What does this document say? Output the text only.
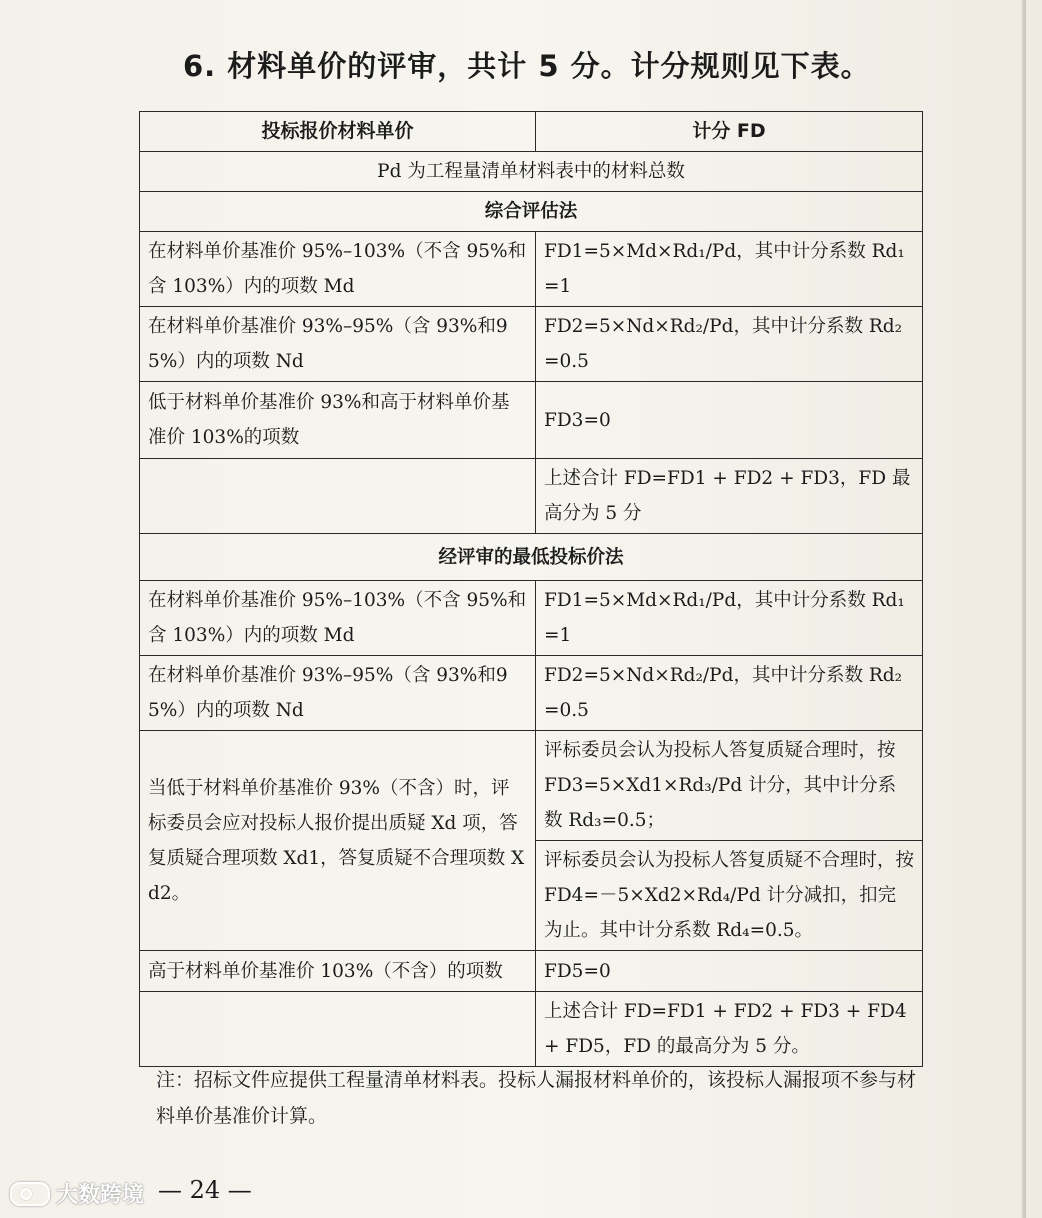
6. 材料单价的评审，共计 5 分。计分规则见下表。
投标报价材料单价	计分 FD
Pd 为工程量清单材料表中的材料总数	
综合评估法	
在材料单价基准价 95%–103%（不含 95%和含 103%）内的项数 Md	FD1=5×Md×Rd₁/Pd，其中计分系数 Rd₁=1
在材料单价基准价 93%–95%（含 93%和95%）内的项数 Nd	FD2=5×Nd×Rd₂/Pd，其中计分系数 Rd₂=0.5
低于材料单价基准价 93%和高于材料单价基准价 103%的项数	FD3=0
	上述合计 FD=FD1 + FD2 + FD3，FD 最高分为 5 分
经评审的最低投标价法	
在材料单价基准价 95%–103%（不含 95%和含 103%）内的项数 Md	FD1=5×Md×Rd₁/Pd，其中计分系数 Rd₁=1
在材料单价基准价 93%–95%（含 93%和95%）内的项数 Nd	FD2=5×Nd×Rd₂/Pd，其中计分系数 Rd₂=0.5
当低于材料单价基准价 93%（不含）时，评标委员会应对投标人报价提出质疑 Xd 项，答复质疑合理项数 Xd1，答复质疑不合理项数 Xd2。	评标委员会认为投标人答复质疑合理时，按 FD3=5×Xd1×Rd₃/Pd 计分，其中计分系数 Rd₃=0.5；
	评标委员会认为投标人答复质疑不合理时，按 FD4=－5×Xd2×Rd₄/Pd 计分减扣，扣完为止。其中计分系数 Rd₄=0.5。
高于材料单价基准价 103%（不含）的项数	FD5=0
	上述合计 FD=FD1 + FD2 + FD3 + FD4 + FD5，FD 的最高分为 5 分。
注：招标文件应提供工程量清单材料表。投标人漏报材料单价的，该投标人漏报项不参与材料单价基准价计算。
— 24 —
大数跨境
